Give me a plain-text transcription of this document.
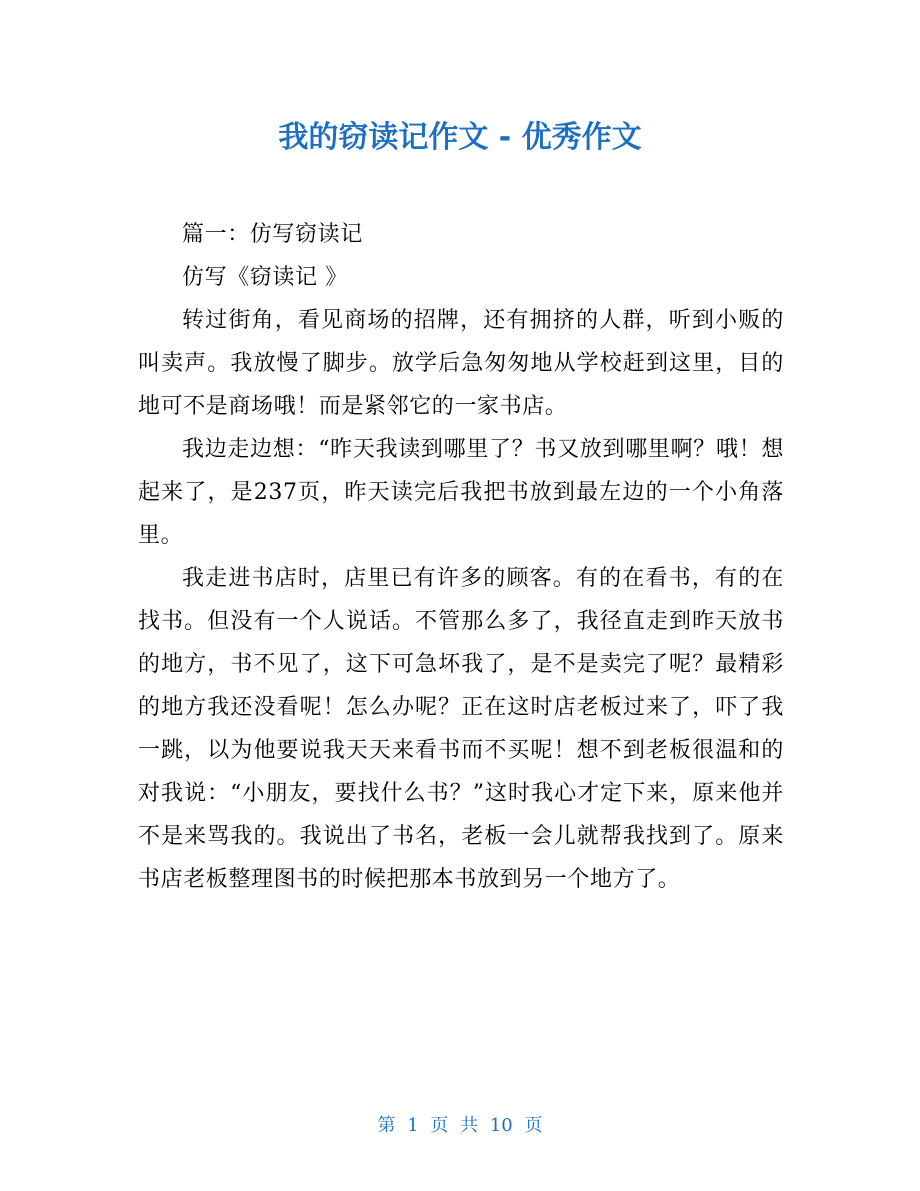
我的窃读记作文 - 优秀作文

篇一：仿写窃读记

仿写《窃读记 》

转过街角，看见商场的招牌，还有拥挤的人群，听到小贩的叫卖声。我放慢了脚步。放学后急匆匆地从学校赶到这里，目的地可不是商场哦！而是紧邻它的一家书店。

我边走边想：“昨天我读到哪里了？书又放到哪里啊？哦！想起来了，是237页，昨天读完后我把书放到最左边的一个小角落里。

我走进书店时，店里已有许多的顾客。有的在看书，有的在找书。但没有一个人说话。不管那么多了，我径直走到昨天放书的地方，书不见了，这下可急坏我了，是不是卖完了呢？最精彩的地方我还没看呢！怎么办呢？正在这时店老板过来了，吓了我一跳，以为他要说我天天来看书而不买呢！想不到老板很温和的对我说：“小朋友，要找什么书？”这时我心才定下来，原来他并不是来骂我的。我说出了书名，老板一会儿就帮我找到了。原来书店老板整理图书的时候把那本书放到另一个地方了。

第 1 页 共 10 页
